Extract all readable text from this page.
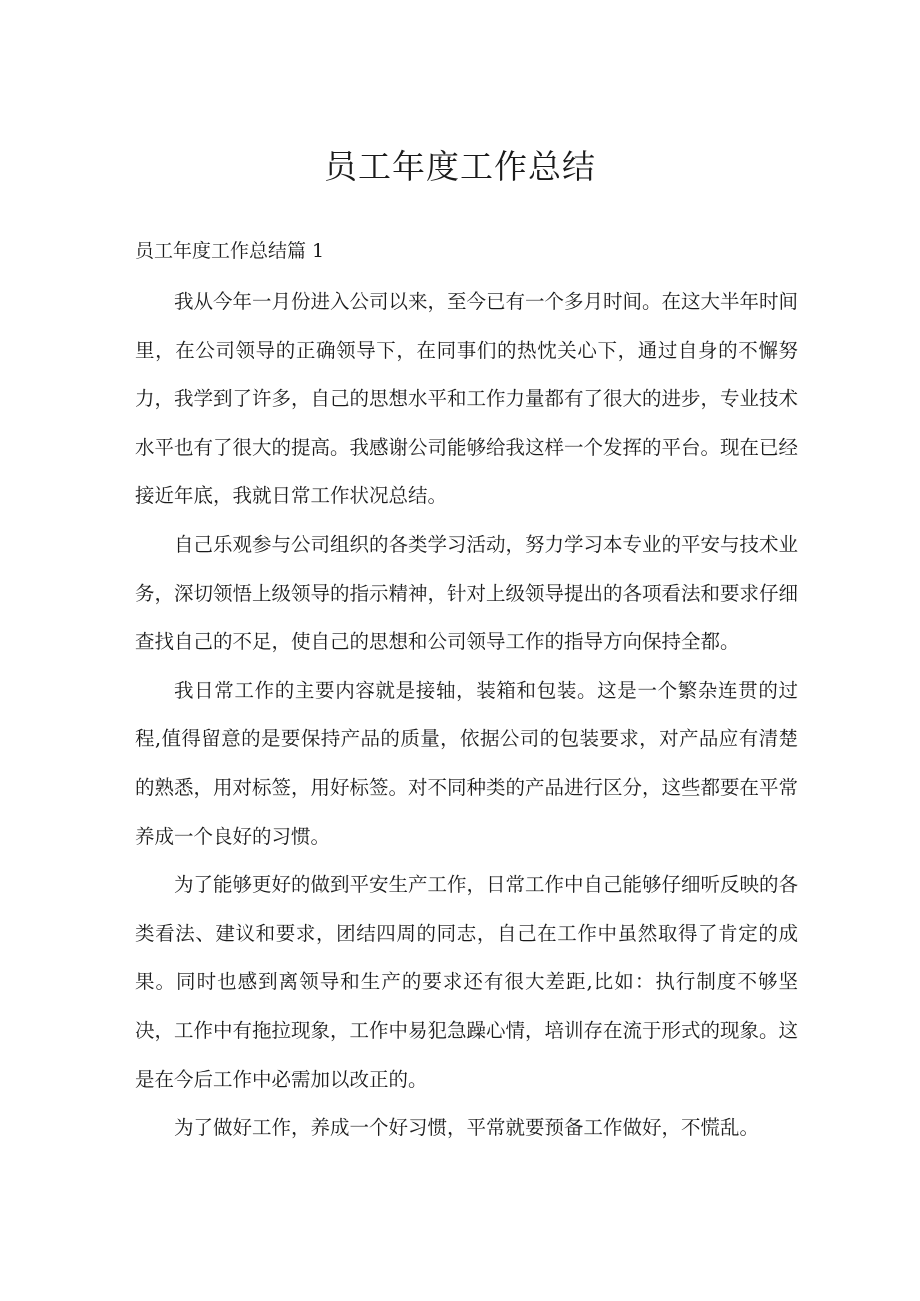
员工年度工作总结
员工年度工作总结篇 1

我从今年一月份进入公司以来，至今已有一个多月时间。在这大半年时间里，在公司领导的正确领导下，在同事们的热忱关心下，通过自身的不懈努力，我学到了许多，自己的思想水平和工作力量都有了很大的进步，专业技术水平也有了很大的提高。我感谢公司能够给我这样一个发挥的平台。现在已经接近年底，我就日常工作状况总结。

自己乐观参与公司组织的各类学习活动，努力学习本专业的平安与技术业务，深切领悟上级领导的指示精神，针对上级领导提出的各项看法和要求仔细查找自己的不足，使自己的思想和公司领导工作的指导方向保持全都。

我日常工作的主要内容就是接轴，装箱和包装。这是一个繁杂连贯的过程,值得留意的是要保持产品的质量，依据公司的包装要求，对产品应有清楚的熟悉，用对标签，用好标签。对不同种类的产品进行区分，这些都要在平常养成一个良好的习惯。

为了能够更好的做到平安生产工作，日常工作中自己能够仔细听反映的各类看法、建议和要求，团结四周的同志，自己在工作中虽然取得了肯定的成果。同时也感到离领导和生产的要求还有很大差距,比如：执行制度不够坚决，工作中有拖拉现象，工作中易犯急躁心情，培训存在流于形式的现象。这是在今后工作中必需加以改正的。

为了做好工作，养成一个好习惯，平常就要预备工作做好，不慌乱。
